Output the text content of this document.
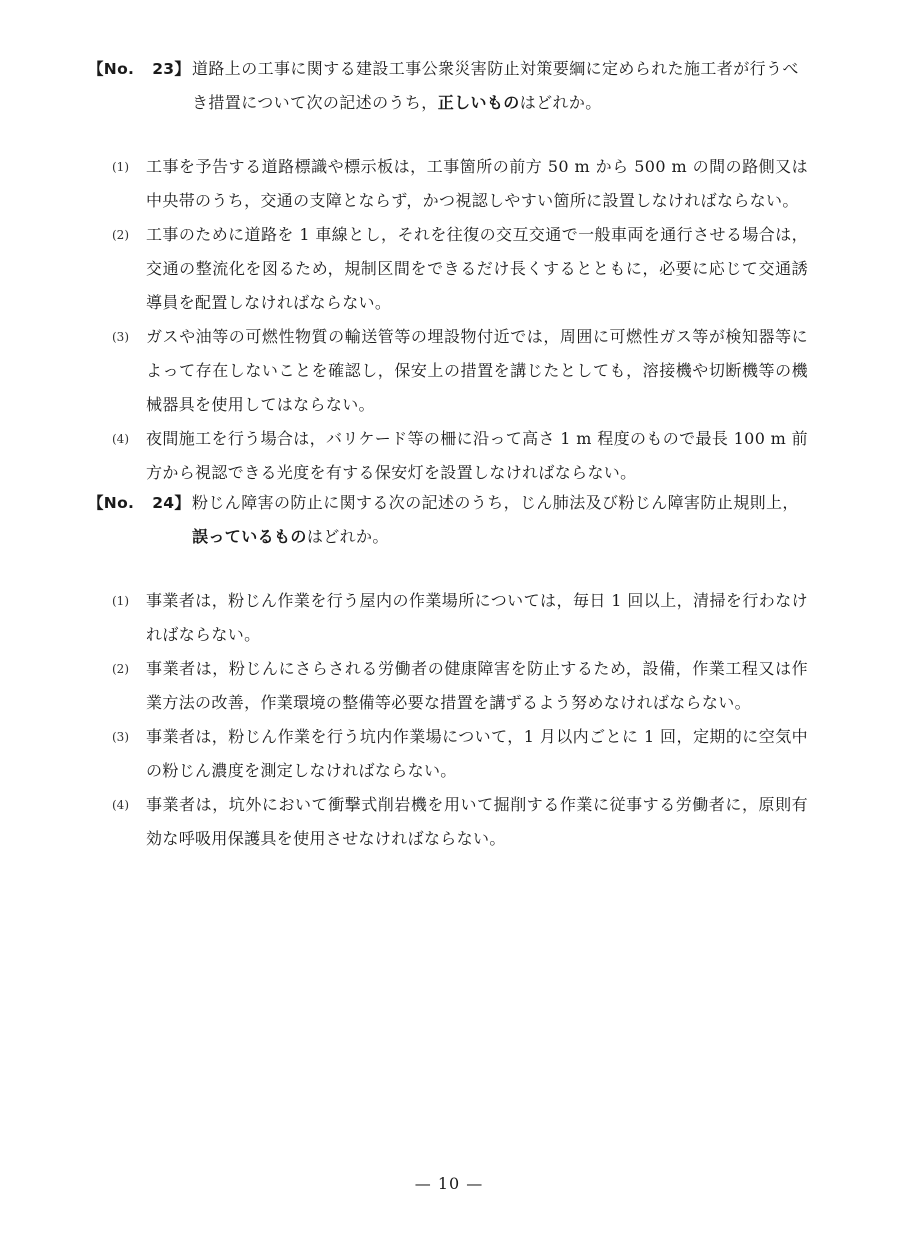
【No. 23】 道路上の工事に関する建設工事公衆災害防止対策要綱に定められた施工者が行うべき措置について次の記述のうち，正しいものはどれか。
(1)	工事を予告する道路標識や標示板は，工事箇所の前方 50 m から 500 m の間の路側又は中央帯のうち，交通の支障とならず，かつ視認しやすい箇所に設置しなければならない。
(2)	工事のために道路を 1 車線とし，それを往復の交互交通で一般車両を通行させる場合は，交通の整流化を図るため，規制区間をできるだけ長くするとともに，必要に応じて交通誘導員を配置しなければならない。
(3)	ガスや油等の可燃性物質の輸送管等の埋設物付近では，周囲に可燃性ガス等が検知器等によって存在しないことを確認し，保安上の措置を講じたとしても，溶接機や切断機等の機械器具を使用してはならない。
(4)	夜間施工を行う場合は，バリケード等の柵に沿って高さ 1 m 程度のもので最長 100 m 前方から視認できる光度を有する保安灯を設置しなければならない。
【No. 24】 粉じん障害の防止に関する次の記述のうち，じん肺法及び粉じん障害防止規則上，誤っているものはどれか。
(1)	事業者は，粉じん作業を行う屋内の作業場所については，毎日 1 回以上，清掃を行わなければならない。
(2)	事業者は，粉じんにさらされる労働者の健康障害を防止するため，設備，作業工程又は作業方法の改善，作業環境の整備等必要な措置を講ずるよう努めなければならない。
(3)	事業者は，粉じん作業を行う坑内作業場について，1 月以内ごとに 1 回，定期的に空気中の粉じん濃度を測定しなければならない。
(4)	事業者は，坑外において衝撃式削岩機を用いて掘削する作業に従事する労働者に，原則有効な呼吸用保護具を使用させなければならない。
— 10 —
